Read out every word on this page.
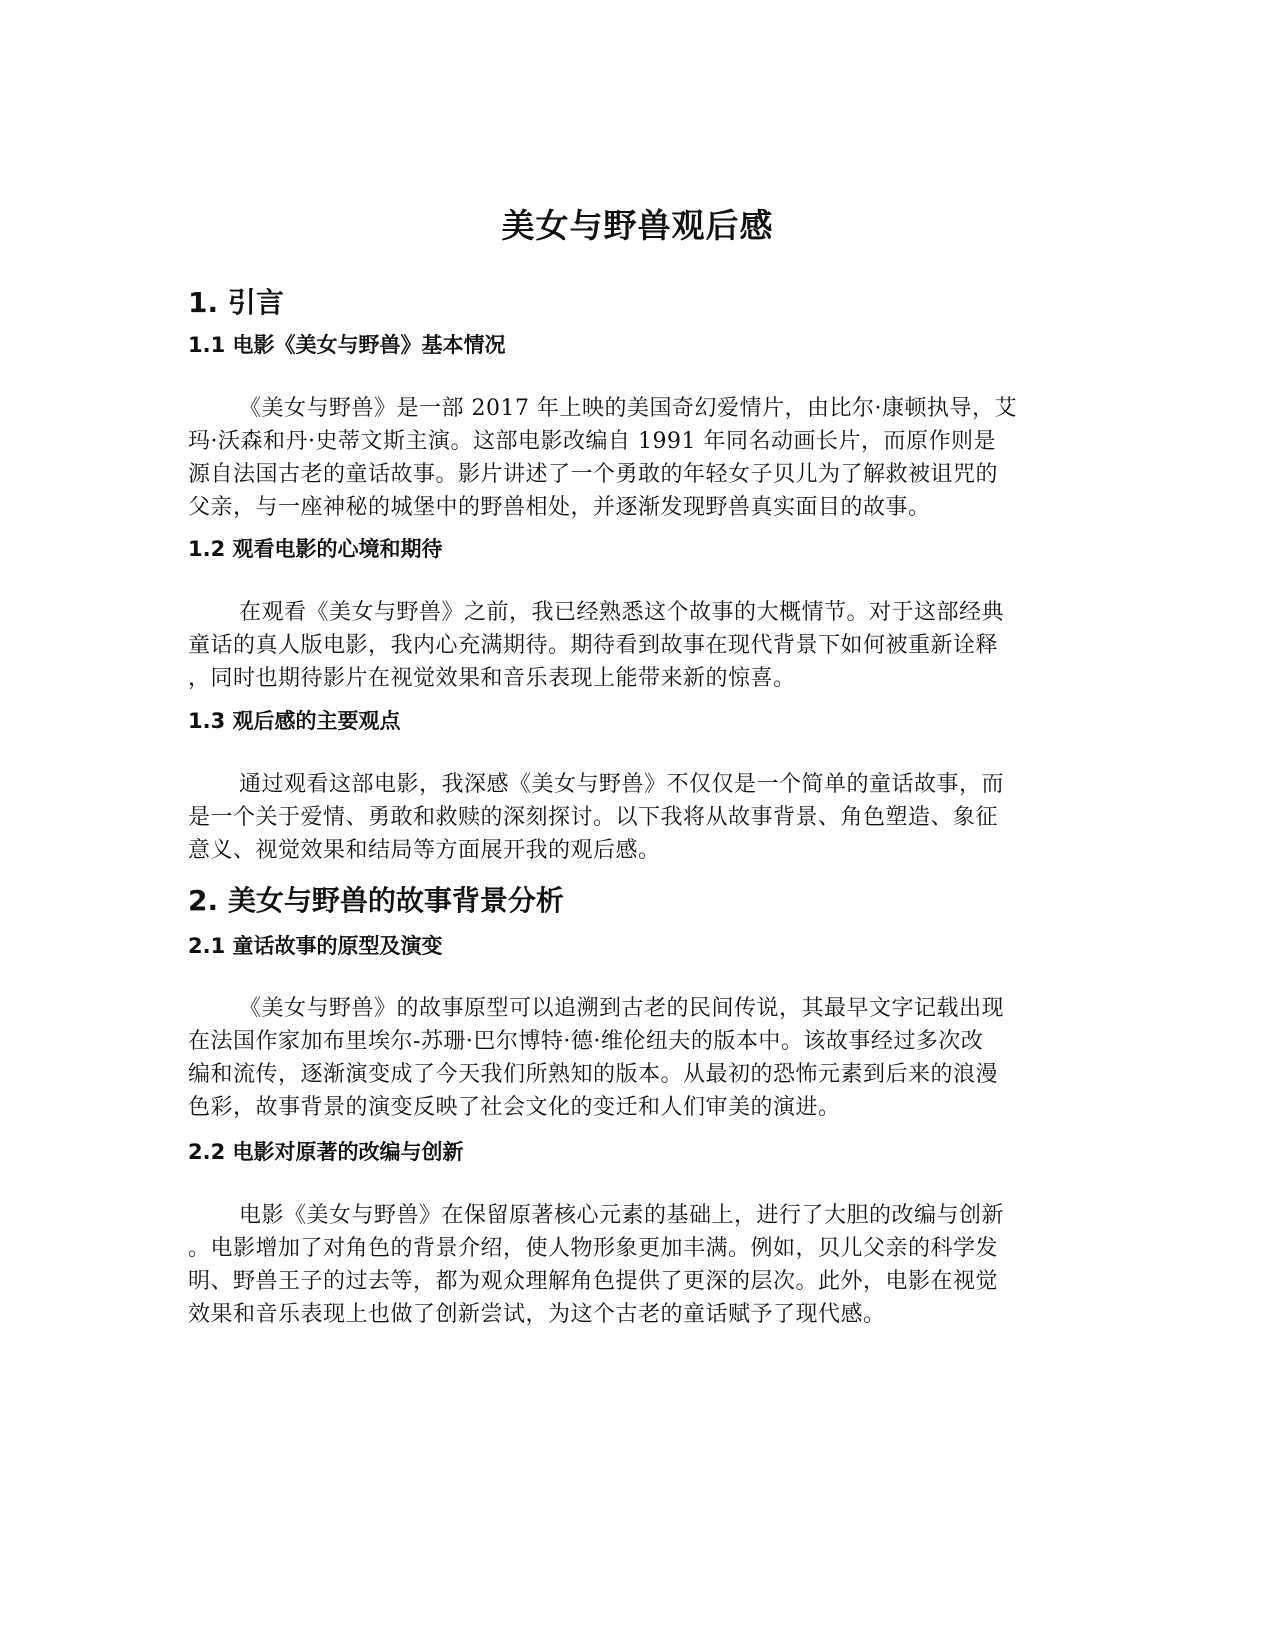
美女与野兽观后感
1. 引言
1.1 电影《美女与野兽》基本情况
《美女与野兽》是一部 2017 年上映的美国奇幻爱情片，由比尔·康顿执导，艾
玛·沃森和丹·史蒂文斯主演。这部电影改编自 1991 年同名动画长片，而原作则是
源自法国古老的童话故事。影片讲述了一个勇敢的年轻女子贝儿为了解救被诅咒的
父亲，与一座神秘的城堡中的野兽相处，并逐渐发现野兽真实面目的故事。
1.2 观看电影的心境和期待
在观看《美女与野兽》之前，我已经熟悉这个故事的大概情节。对于这部经典
童话的真人版电影，我内心充满期待。期待看到故事在现代背景下如何被重新诠释
，同时也期待影片在视觉效果和音乐表现上能带来新的惊喜。
1.3 观后感的主要观点
通过观看这部电影，我深感《美女与野兽》不仅仅是一个简单的童话故事，而
是一个关于爱情、勇敢和救赎的深刻探讨。以下我将从故事背景、角色塑造、象征
意义、视觉效果和结局等方面展开我的观后感。
2. 美女与野兽的故事背景分析
2.1 童话故事的原型及演变
《美女与野兽》的故事原型可以追溯到古老的民间传说，其最早文字记载出现
在法国作家加布里埃尔-苏珊·巴尔博特·德·维伦纽夫的版本中。该故事经过多次改
编和流传，逐渐演变成了今天我们所熟知的版本。从最初的恐怖元素到后来的浪漫
色彩，故事背景的演变反映了社会文化的变迁和人们审美的演进。
2.2 电影对原著的改编与创新
电影《美女与野兽》在保留原著核心元素的基础上，进行了大胆的改编与创新
。电影增加了对角色的背景介绍，使人物形象更加丰满。例如，贝儿父亲的科学发
明、野兽王子的过去等，都为观众理解角色提供了更深的层次。此外，电影在视觉
效果和音乐表现上也做了创新尝试，为这个古老的童话赋予了现代感。
